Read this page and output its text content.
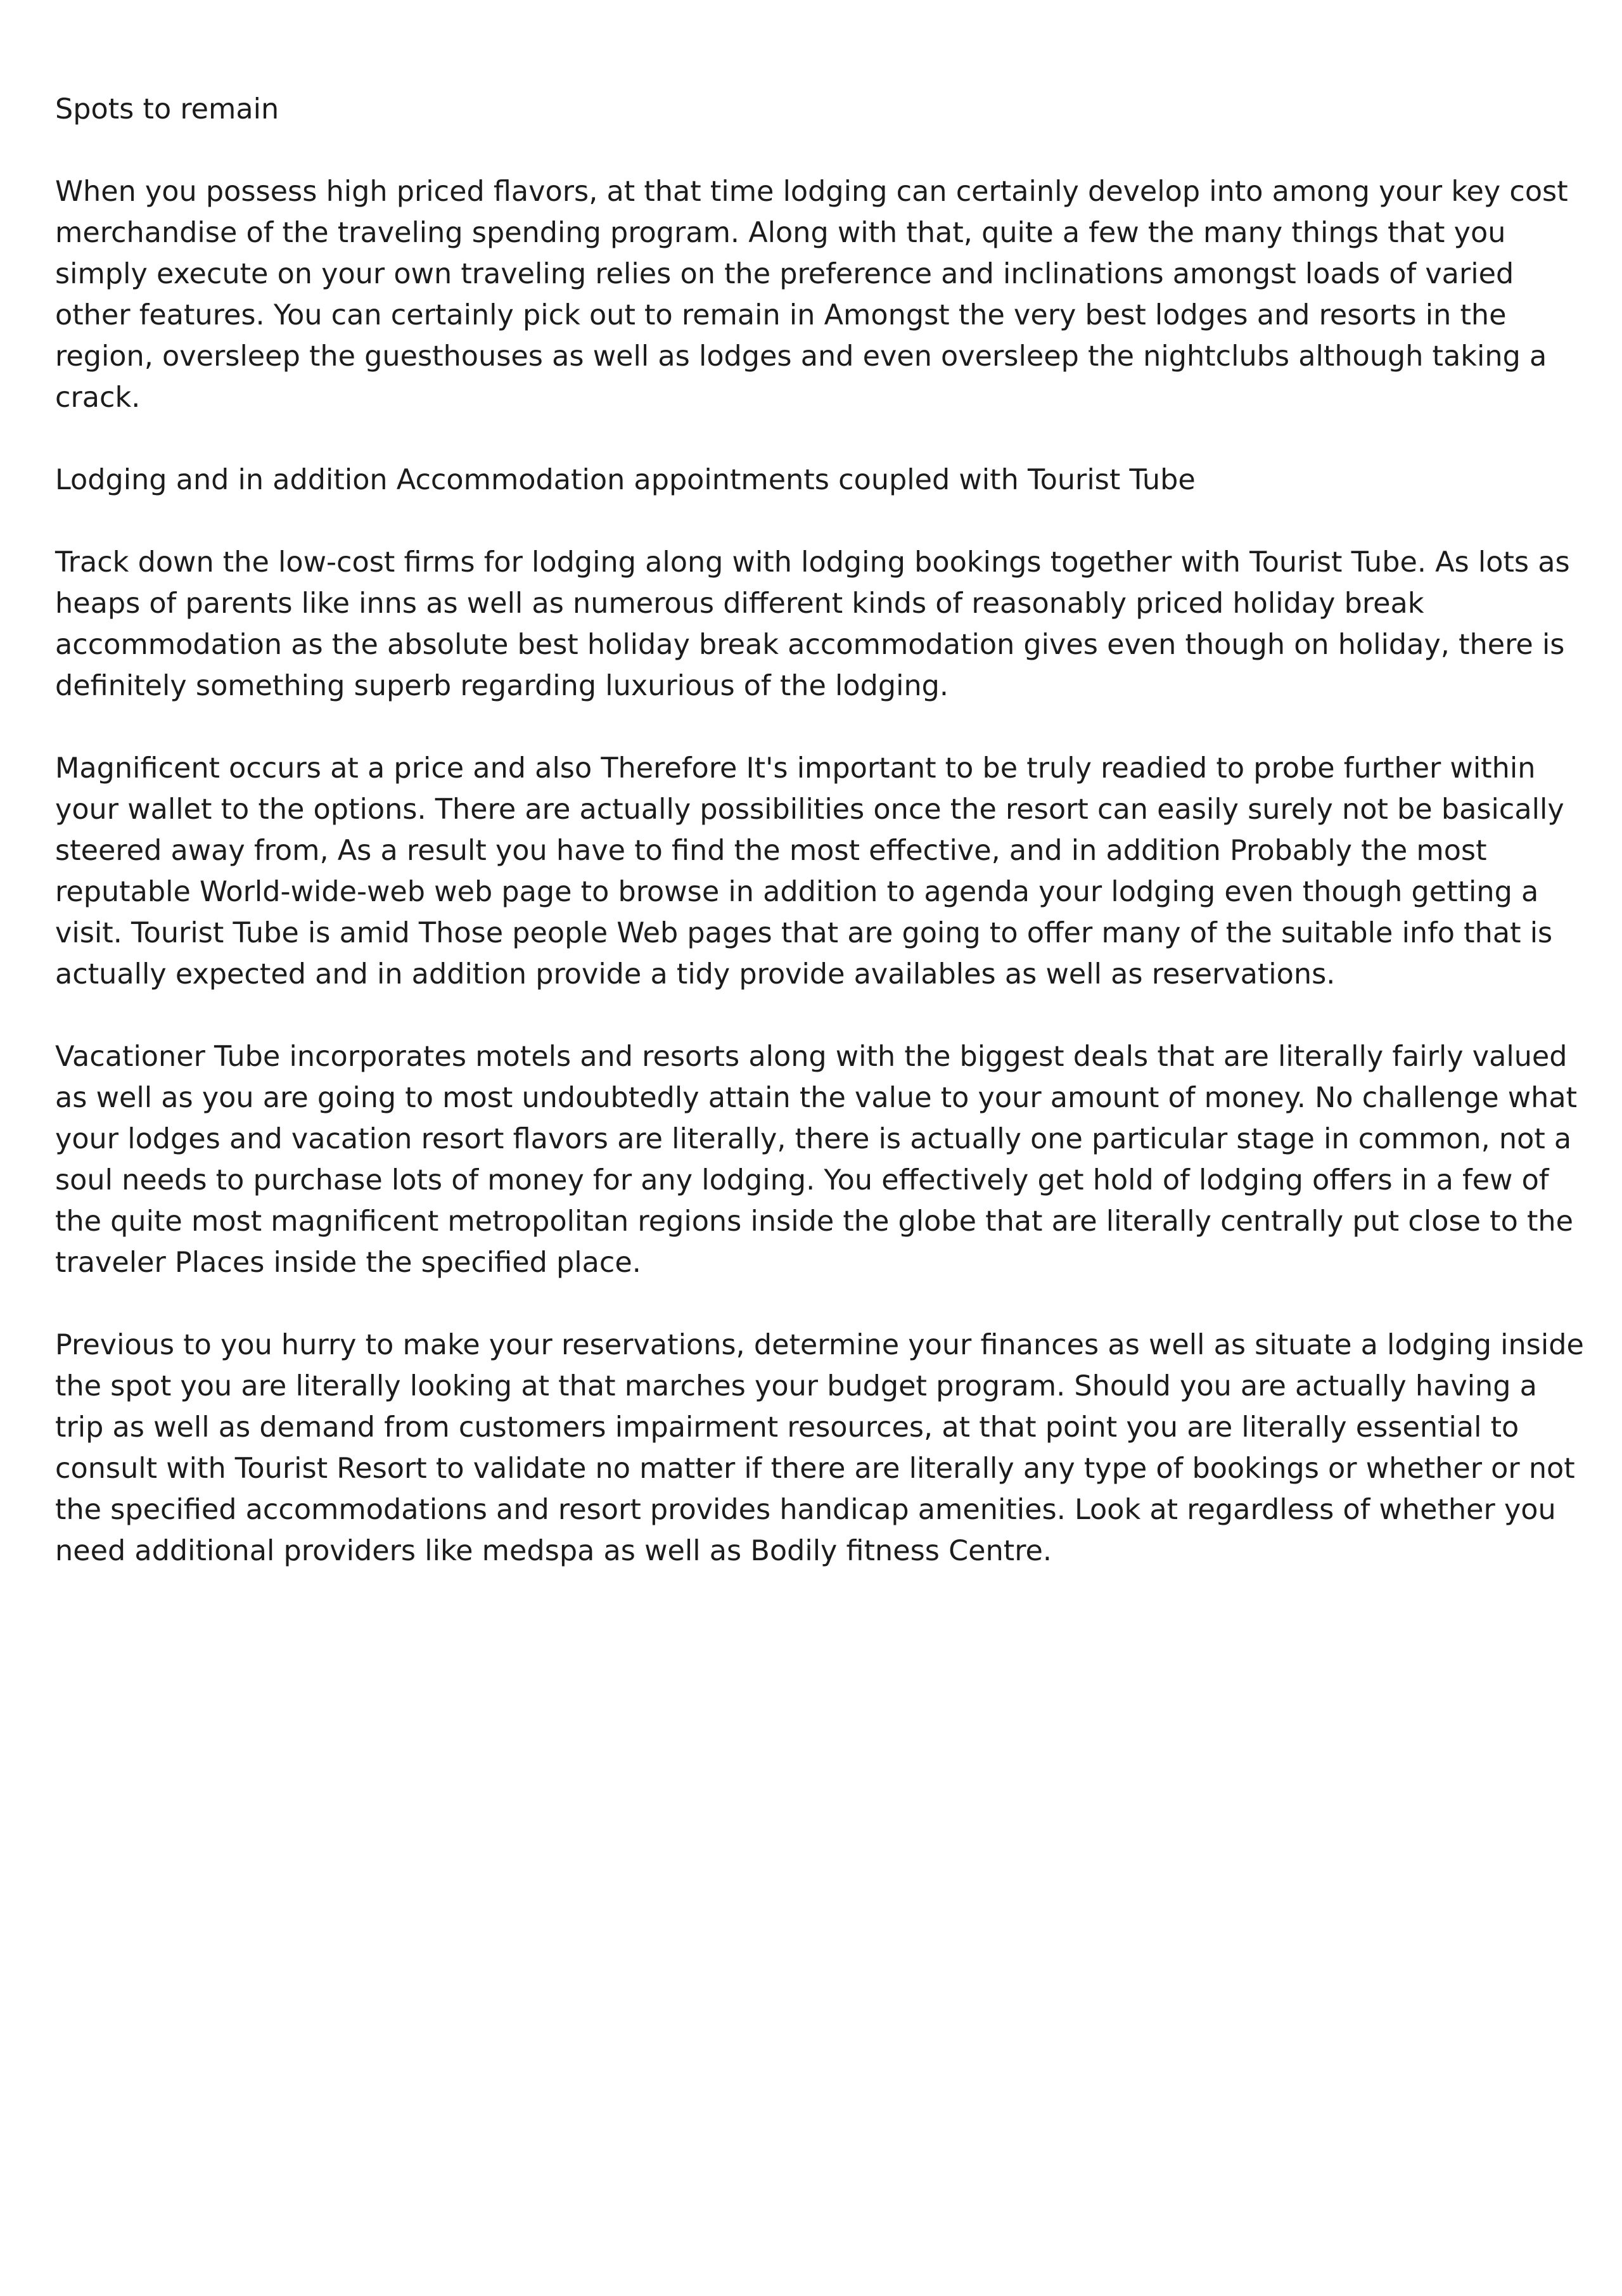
Spots to remain

When you possess high priced flavors, at that time lodging can certainly develop into among your key cost merchandise of the traveling spending program. Along with that, quite a few the many things that you simply execute on your own traveling relies on the preference and inclinations amongst loads of varied other features. You can certainly pick out to remain in Amongst the very best lodges and resorts in the region, oversleep the guesthouses as well as lodges and even oversleep the nightclubs although taking a crack.

Lodging and in addition Accommodation appointments coupled with Tourist Tube

Track down the low-cost firms for lodging along with lodging bookings together with Tourist Tube. As lots as heaps of parents like inns as well as numerous different kinds of reasonably priced holiday break accommodation as the absolute best holiday break accommodation gives even though on holiday, there is definitely something superb regarding luxurious of the lodging.

Magnificent occurs at a price and also Therefore It's important to be truly readied to probe further within your wallet to the options. There are actually possibilities once the resort can easily surely not be basically steered away from, As a result you have to find the most effective, and in addition Probably the most reputable World-wide-web web page to browse in addition to agenda your lodging even though getting a visit. Tourist Tube is amid Those people Web pages that are going to offer many of the suitable info that is actually expected and in addition provide a tidy provide availables as well as reservations.

Vacationer Tube incorporates motels and resorts along with the biggest deals that are literally fairly valued as well as you are going to most undoubtedly attain the value to your amount of money. No challenge what your lodges and vacation resort flavors are literally, there is actually one particular stage in common, not a soul needs to purchase lots of money for any lodging. You effectively get hold of lodging offers in a few of the quite most magnificent metropolitan regions inside the globe that are literally centrally put close to the traveler Places inside the specified place.

Previous to you hurry to make your reservations, determine your finances as well as situate a lodging inside the spot you are literally looking at that marches your budget program. Should you are actually having a trip as well as demand from customers impairment resources, at that point you are literally essential to consult with Tourist Resort to validate no matter if there are literally any type of bookings or whether or not the specified accommodations and resort provides handicap amenities. Look at regardless of whether you need additional providers like medspa as well as Bodily fitness Centre.
